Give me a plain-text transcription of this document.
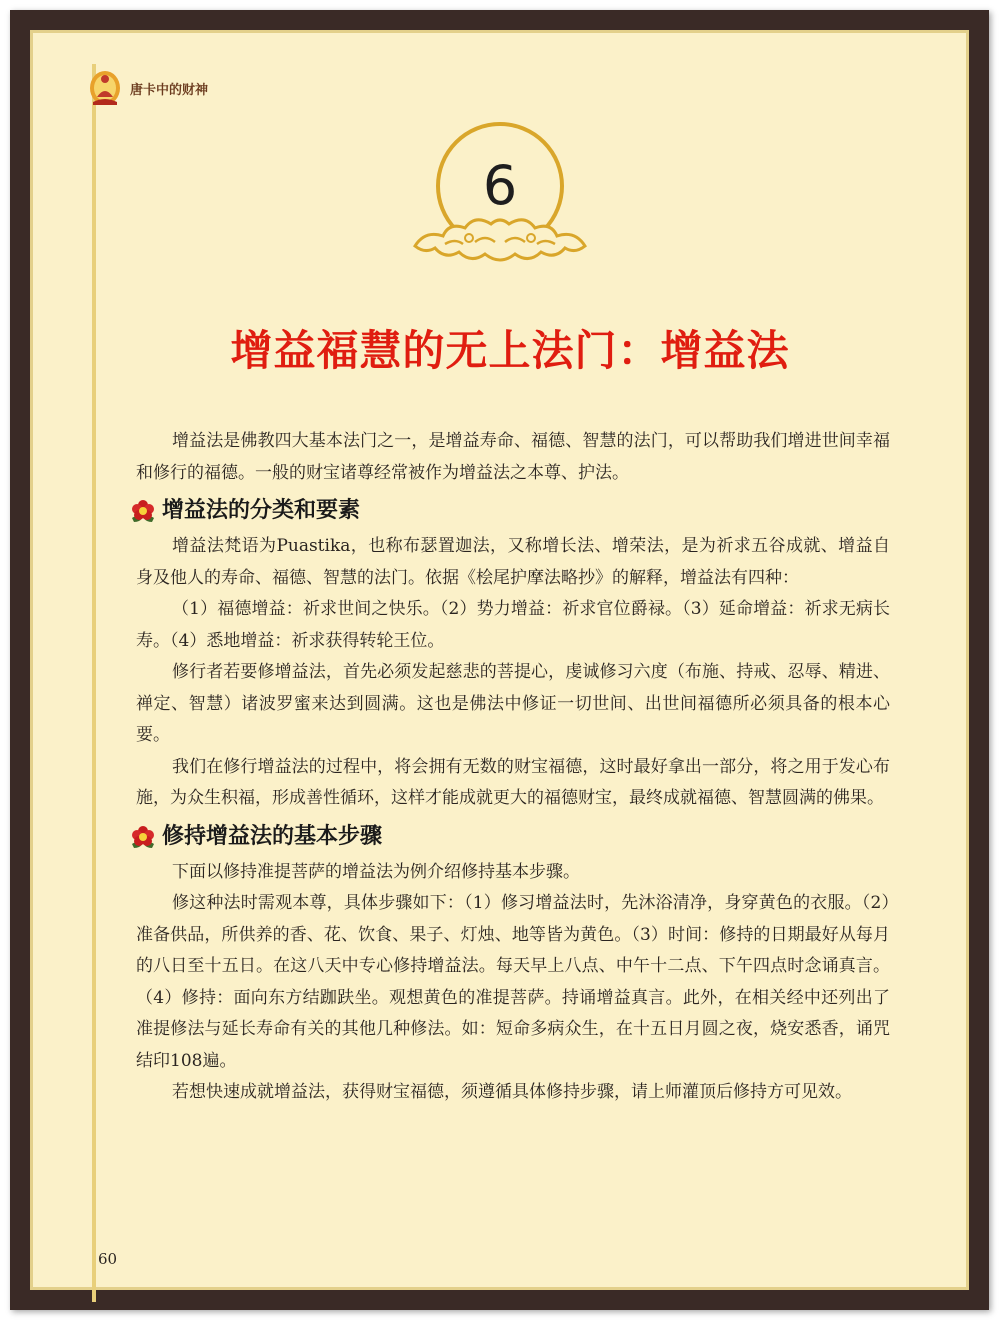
唐卡中的财神
6
增益福慧的无上法门：增益法

增益法是佛教四大基本法门之一，是增益寿命、福德、智慧的法门，可以帮助我们增进世间幸福和修行的福德。一般的财宝诸尊经常被作为增益法之本尊、护法。

增益法的分类和要素

增益法梵语为Puastika，也称布瑟置迦法，又称增长法、增荣法，是为祈求五谷成就、增益自身及他人的寿命、福德、智慧的法门。依据《桧尾护摩法略抄》的解释，增益法有四种：

（1）福德增益：祈求世间之快乐。（2）势力增益：祈求官位爵禄。（3）延命增益：祈求无病长寿。（4）悉地增益：祈求获得转轮王位。

修行者若要修增益法，首先必须发起慈悲的菩提心，虔诚修习六度（布施、持戒、忍辱、精进、禅定、智慧）诸波罗蜜来达到圆满。这也是佛法中修证一切世间、出世间福德所必须具备的根本心要。

我们在修行增益法的过程中，将会拥有无数的财宝福德，这时最好拿出一部分，将之用于发心布施，为众生积福，形成善性循环，这样才能成就更大的福德财宝，最终成就福德、智慧圆满的佛果。

修持增益法的基本步骤

下面以修持准提菩萨的增益法为例介绍修持基本步骤。

修这种法时需观本尊，具体步骤如下：（1）修习增益法时，先沐浴清净，身穿黄色的衣服。（2）准备供品，所供养的香、花、饮食、果子、灯烛、地等皆为黄色。（3）时间：修持的日期最好从每月的八日至十五日。在这八天中专心修持增益法。每天早上八点、中午十二点、下午四点时念诵真言。（4）修持：面向东方结跏趺坐。观想黄色的准提菩萨。持诵增益真言。此外，在相关经中还列出了准提修法与延长寿命有关的其他几种修法。如：短命多病众生，在十五日月圆之夜，烧安悉香，诵咒结印108遍。

若想快速成就增益法，获得财宝福德，须遵循具体修持步骤，请上师灌顶后修持方可见效。

60
